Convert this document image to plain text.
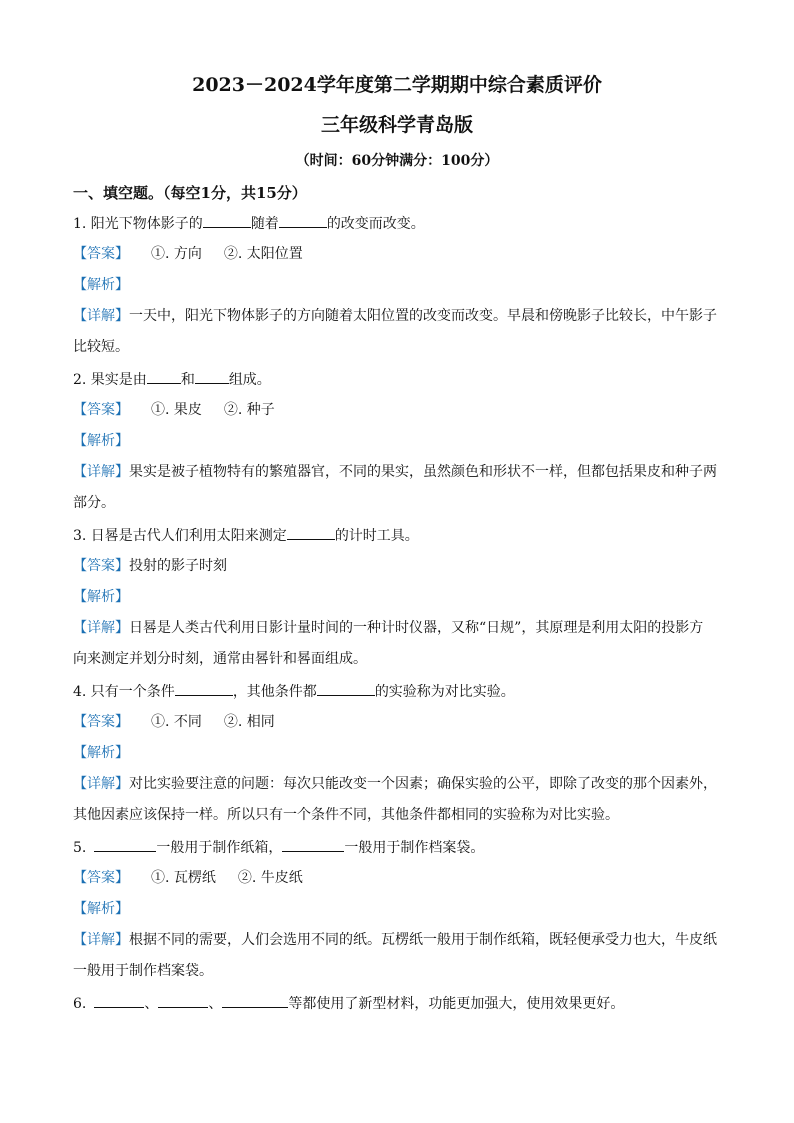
2023－2024学年度第二学期期中综合素质评价
三年级科学青岛版
（时间：60分钟满分：100分）
一、填空题。（每空1分，共15分）
1. 阳光下物体影子的	随着	的改变而改变。
【答案】 ①. 方向 ②. 太阳位置
【解析】
【详解】一天中，阳光下物体影子的方向随着太阳位置的改变而改变。早晨和傍晚影子比较长，中午影子
比较短。
2. 果实是由 和 组成。
【答案】 ①. 果皮 ②. 种子
【解析】
【详解】果实是被子植物特有的繁殖器官，不同的果实，虽然颜色和形状不一样，但都包括果皮和种子两
部分。
3. 日晷是古代人们利用太阳来测定	的计时工具。
【答案】投射的影子时刻
【解析】
【详解】日晷是人类古代利用日影计量时间的一种计时仪器，又称“日规”，其原理是利用太阳的投影方
向来测定并划分时刻，通常由晷针和晷面组成。
4. 只有一个条件	，其他条件都	的实验称为对比实验。
【答案】 ①. 不同 ②. 相同
【解析】
【详解】对比实验要注意的问题：每次只能改变一个因素；确保实验的公平，即除了改变的那个因素外，
其他因素应该保持一样。所以只有一个条件不同，其他条件都相同的实验称为对比实验。
5.	一般用于制作纸箱，	一般用于制作档案袋。
【答案】 ①. 瓦楞纸 ②. 牛皮纸
【解析】
【详解】根据不同的需要，人们会选用不同的纸。瓦楞纸一般用于制作纸箱，既轻便承受力也大，牛皮纸
一般用于制作档案袋。
6.	、	、	等都使用了新型材料，功能更加强大，使用效果更好。
